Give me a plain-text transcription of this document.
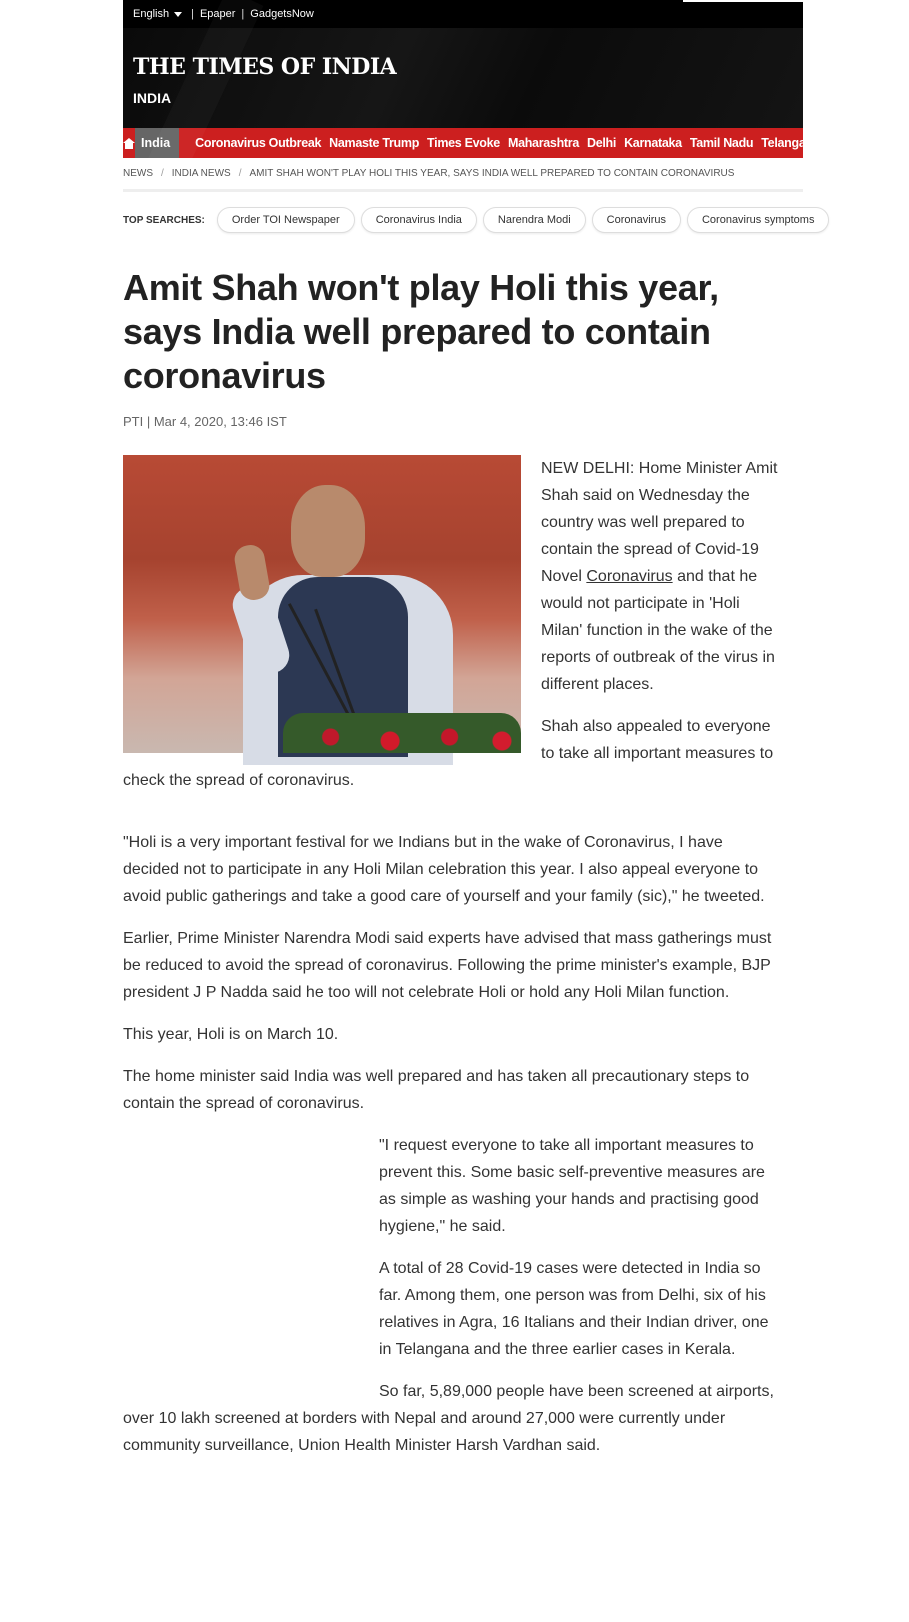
English | Epaper | GadgetsNow
THE TIMES OF INDIA
INDIA
India	Coronavirus Outbreak Namaste Trump Times Evoke Maharashtra Delhi Karnataka Tamil Nadu Telangana
NEWS / INDIA NEWS / AMIT SHAH WON'T PLAY HOLI THIS YEAR, SAYS INDIA WELL PREPARED TO CONTAIN CORONAVIRUS
TOP SEARCHES:	Order TOI Newspaper	Coronavirus India	Narendra Modi	Coronavirus	Coronavirus symptoms
Amit Shah won't play Holi this year, says India well prepared to contain coronavirus
PTI | Mar 4, 2020, 13:46 IST

NEW DELHI: Home Minister Amit Shah said on Wednesday the country was well prepared to contain the spread of Covid-19 Novel Coronavirus and that he would not participate in 'Holi Milan' function in the wake of the reports of outbreak of the virus in different places.

Shah also appealed to everyone to take all important measures to check the spread of coronavirus.

"Holi is a very important festival for we Indians but in the wake of Coronavirus, I have decided not to participate in any Holi Milan celebration this year. I also appeal everyone to avoid public gatherings and take a good care of yourself and your family (sic)," he tweeted.

Earlier, Prime Minister Narendra Modi said experts have advised that mass gatherings must be reduced to avoid the spread of coronavirus. Following the prime minister's example, BJP president J P Nadda said he too will not celebrate Holi or hold any Holi Milan function.

This year, Holi is on March 10.

The home minister said India was well prepared and has taken all precautionary steps to contain the spread of coronavirus.

"I request everyone to take all important measures to prevent this. Some basic self-preventive measures are as simple as washing your hands and practising good hygiene," he said.

A total of 28 Covid-19 cases were detected in India so far. Among them, one person was from Delhi, six of his relatives in Agra, 16 Italians and their Indian driver, one in Telangana and the three earlier cases in Kerala.

So far, 5,89,000 people have been screened at airports, over 10 lakh screened at borders with Nepal and around 27,000 were currently under community surveillance, Union Health Minister Harsh Vardhan said.
